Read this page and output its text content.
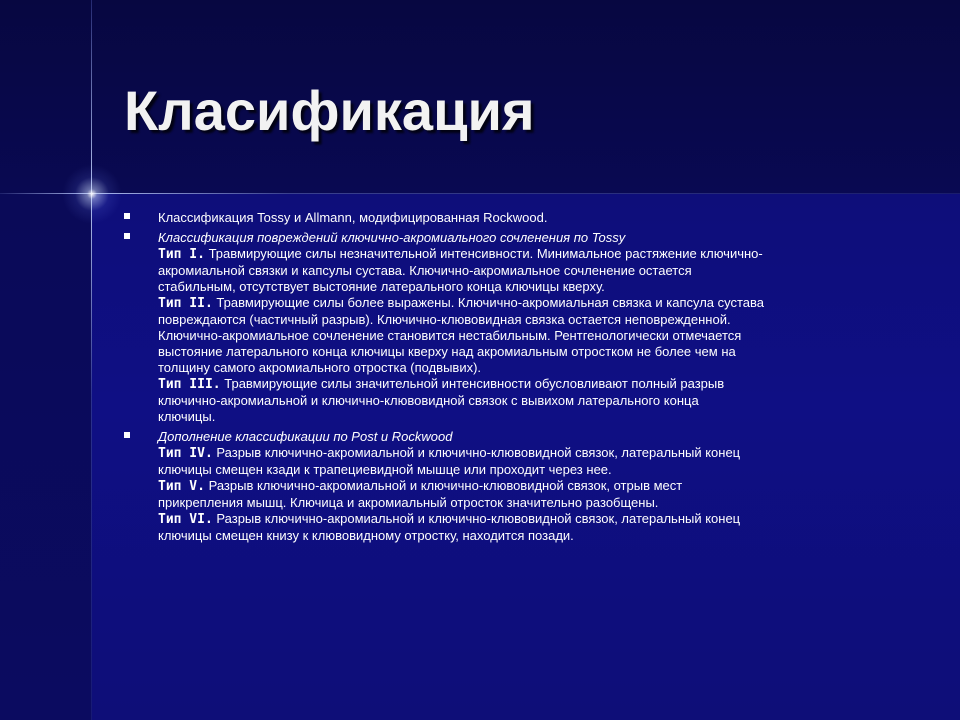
Класификация
Классификация Tossy и Allmann, модифицированная Rockwood.
Классификация повреждений ключично-акромиального сочленения по Tossy
Тип I. Травмирующие силы незначительной интенсивности. Минимальное растяжение ключично-
акромиальной связки и капсулы сустава. Ключично-акромиальное сочленение остается
стабильным, отсутствует выстояние латерального конца ключицы кверху.
Тип II. Травмирующие силы более выражены. Ключично-акромиальная связка и капсула сустава
повреждаются (частичный разрыв). Ключично-клювовидная связка остается неповрежденной.
Ключично-акромиальное сочленение становится нестабильным. Рентгенологически отмечается
выстояние латерального конца ключицы кверху над акромиальным отростком не более чем на
толщину самого акромиального отростка (подвывих).
Тип III. Травмирующие силы значительной интенсивности обусловливают полный разрыв
ключично-акромиальной и ключично-клювовидной связок с вывихом латерального конца
ключицы.
Дополнение классификации по Post и Rockwood
Тип IV. Разрыв ключично-акромиальной и ключично-клювовидной связок, латеральный конец
ключицы смещен кзади к трапециевидной мышце или проходит через нее.
Тип V. Разрыв ключично-акромиальной и ключично-клювовидной связок, отрыв мест
прикрепления мышц. Ключица и акромиальный отросток значительно разобщены.
Тип VI. Разрыв ключично-акромиальной и ключично-клювовидной связок, латеральный конец
ключицы смещен книзу к клювовидному отростку, находится позади.
